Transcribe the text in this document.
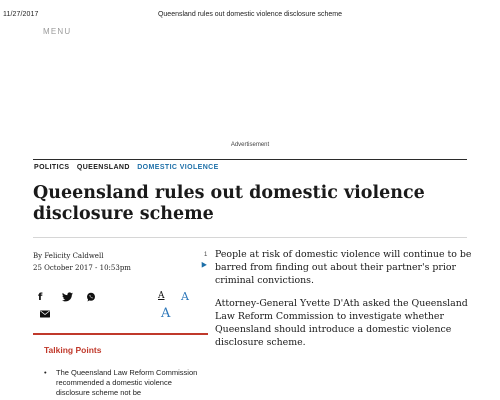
11/27/2017	Queensland rules out domestic violence disclosure scheme
MENU
Advertisement
POLITICS QUEENSLAND DOMESTIC VIOLENCE
Queensland rules out domestic violence disclosure scheme
By Felicity Caldwell
25 October 2017 - 10:53pm
f	A A
A
Talking Points
• The Queensland Law Reform Commission recommended a domestic violence disclosure scheme not be
1 People at risk of domestic violence will continue to be barred from finding out about their partner's prior criminal convictions.

Attorney-General Yvette D'Ath asked the Queensland Law Reform Commission to investigate whether Queensland should introduce a domestic violence disclosure scheme.
